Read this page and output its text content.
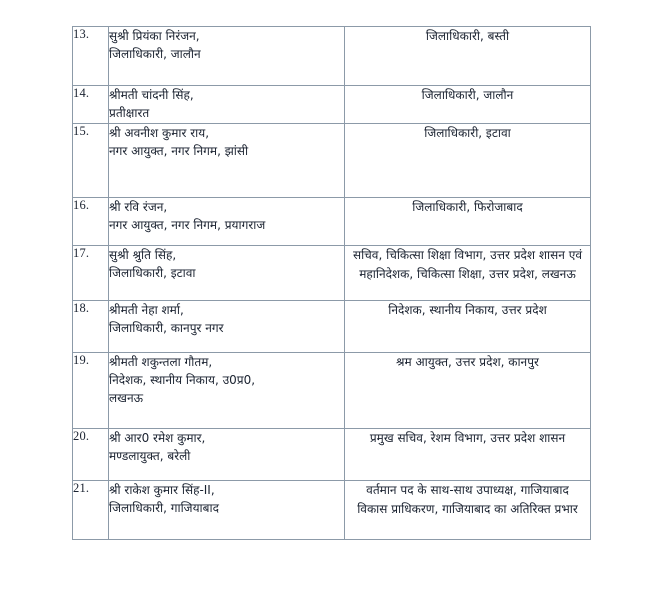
13.	सुश्री प्रियंका निरंजन,
जिलाधिकारी, जालौन	जिलाधिकारी, बस्ती

14.	श्रीमती चांदनी सिंह,
प्रतीक्षारत	जिलाधिकारी, जालौन

15.	श्री अवनीश कुमार राय,
नगर आयुक्त, नगर निगम, झांसी	जिलाधिकारी, इटावा

16.	श्री रवि रंजन,
नगर आयुक्त, नगर निगम, प्रयागराज	जिलाधिकारी, फिरोजाबाद

17.	सुश्री श्रुति सिंह,
जिलाधिकारी, इटावा	सचिव, चिकित्सा शिक्षा विभाग, उत्तर प्रदेश शासन एवं
महानिदेशक, चिकित्सा शिक्षा, उत्तर प्रदेश, लखनऊ

18.	श्रीमती नेहा शर्मा,
जिलाधिकारी, कानपुर नगर	निदेशक, स्थानीय निकाय, उत्तर प्रदेश

19.	श्रीमती शकुन्तला गौतम,
निदेशक, स्थानीय निकाय, उ0प्र0,
लखनऊ	श्रम आयुक्त, उत्तर प्रदेश, कानपुर

20.	श्री आर0 रमेश कुमार,
मण्डलायुक्त, बरेली	प्रमुख सचिव, रेशम विभाग, उत्तर प्रदेश शासन

21.	श्री राकेश कुमार सिंह-II,
जिलाधिकारी, गाजियाबाद	वर्तमान पद के साथ-साथ उपाध्यक्ष, गाजियाबाद
विकास प्राधिकरण, गाजियाबाद का अतिरिक्त प्रभार
